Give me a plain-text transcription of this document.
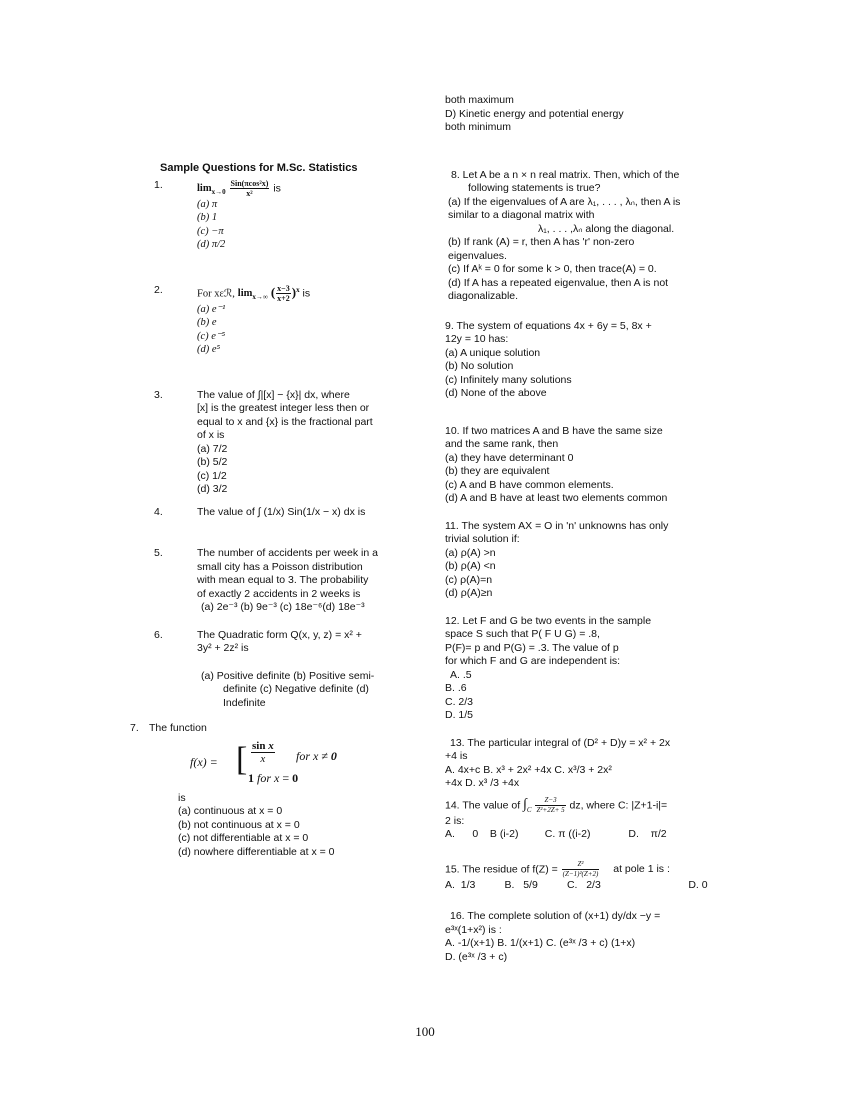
both maximum
D) Kinetic energy and potential energy
both minimum
8. Let A be a n × n real matrix. Then, which of the
following statements is true?
(a) If the eigenvalues of A are λ₁, . . . , λₙ, then A is
similar to a diagonal matrix with
λ₁, . . . ,λₙ along the diagonal.
(b) If rank (A) = r, then A has 'r' non-zero
eigenvalues.
(c) If Aᵏ = 0 for some k > 0, then trace(A) = 0.
(d) If A has a repeated eigenvalue, then A is not
diagonalizable.
9. The system of equations 4x + 6y = 5, 8x +
12y = 10 has:
(a) A unique solution
(b) No solution
(c) Infinitely many solutions
(d) None of the above
10. If two matrices A and B have the same size
and the same rank, then
(a) they have determinant 0
(b) they are equivalent
(c) A and B have common elements.
(d) A and B have at least two elements common
11. The system AX = O in 'n' unknowns has only
trivial solution if:
(a) ρ(A) >n
(b) ρ(A) <n
(c) ρ(A)=n
(d) ρ(A)≥n
12. Let F and G be two events in the sample
space S such that P( F U G) = .8,
P(F)= p and P(G) = .3. The value of p
for which F and G are independent is:
A. .5
B. .6
C. 2/3
D. 1/5
13. The particular integral of (D² + D)y = x² + 2x
+4 is
A. 4x+c B. x³ + 2x² +4x C. x³/3 + 2x²
+4x D. x³ /3 +4x
14. The value of $\int_C \frac{Z-3}{\text{Z²+2Z+ 5}}$ dz, where C: |Z+1-i|=
2 is:
A.      0    B (i-2)         C. π ((i-2)             D.    π/2
15. The residue of $f(Z) = \frac{\text{Z²}}{\text{(Z−1)²(Z+2)}}$ at pole 1 is :
A.  1/3          B.   5/9          C.   2/3                              D. 0
16. The complete solution of (x+1) dy/dx −y =
e³ˣ(1+x²) is :
A. -1/(x+1) B. 1/(x+1) C. (e³ˣ /3 + c) (1+x)
D. (e³ˣ /3 + c)
Sample Questions for M.Sc. Statistics
1.	$\lim_{x\to 0} \frac{\text{Sin(πcos²x)}}{\text{x²}}$ is
(a) π
(b) 1
(c) −π
(d) π/2
2.	For xεℛ, $\lim_{x\to\infty}$ ( $\frac{x-3}{x+2} )^x$ is
(a) e⁻¹
(b) e
(c) e⁻⁵
(d) e⁵
3.	The value of ∫|[x] − {x}| dx, where
[x] is the greatest integer less then or
equal to x and {x} is the fractional part
of x is
(a) 7/2
(b) 5/2
(c) 1/2
(d) 3/2
4.	The value of ∫ (1/x) Sin(1/x − x) dx is
5.	The number of accidents per week in a
small city has a Poisson distribution
with mean equal to 3. The probability
of exactly 2 accidents in 2 weeks is
(a) 2e⁻³ (b) 9e⁻³ (c) 18e⁻⁶(d) 18e⁻³
6.	The Quadratic form Q(x, y, z) = x² +
3y² + 2z² is
(a) Positive definite (b) Positive semi-
definite (c) Negative definite (d)
Indefinite
7. The function
f(x) = [ $\frac{\text{sin x}}{x}$ for x ≠ 0
1 for x = 0
is
(a) continuous at x = 0
(b) not continuous at x = 0
(c) not differentiable at x = 0
(d) nowhere differentiable at x = 0
100
